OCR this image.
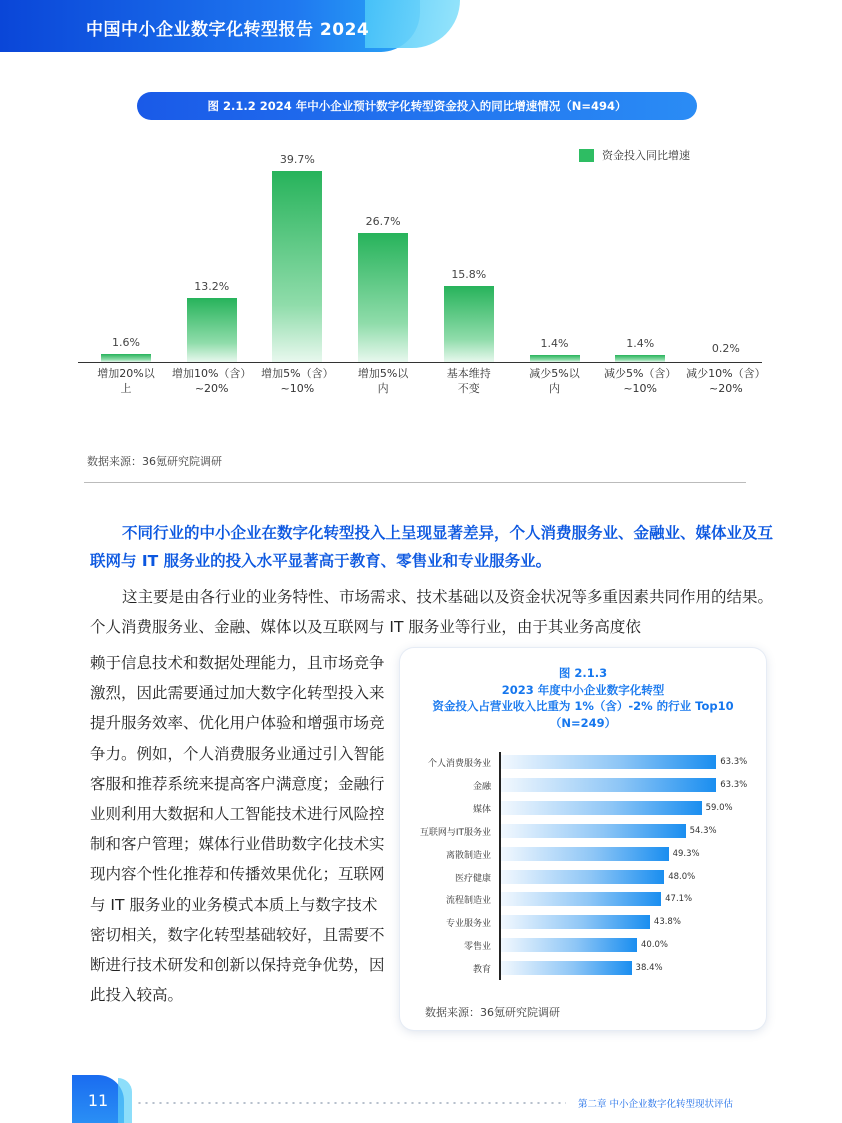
中国中小企业数字化转型报告 2024
图 2.1.2 2024 年中小企业预计数字化转型资金投入的同比增速情况（N=494）
资金投入同比增速
1.6%
增加20%以
上
13.2%
增加10%（含）
~20%
39.7%
增加5%（含）
~10%
26.7%
增加5%以
内
15.8%
基本维持
不变
1.4%
减少5%以
内
1.4%
减少5%（含）
~10%
0.2%
减少10%（含）
~20%
数据来源：36氪研究院调研
不同行业的中小企业在数字化转型投入上呈现显著差异，个人消费服务业、金融业、媒体业及互联网与 IT 服务业的投入水平显著高于教育、零售业和专业服务业。
这主要是由各行业的业务特性、市场需求、技术基础以及资金状况等多重因素共同作用的结果。个人消费服务业、金融、媒体以及互联网与 IT 服务业等行业，由于其业务高度依
赖于信息技术和数据处理能力，且市场竞争激烈，因此需要通过加大数字化转型投入来提升服务效率、优化用户体验和增强市场竞争力。例如，个人消费服务业通过引入智能客服和推荐系统来提高客户满意度；金融行业则利用大数据和人工智能技术进行风险控制和客户管理；媒体行业借助数字化技术实现内容个性化推荐和传播效果优化；互联网与 IT 服务业的业务模式本质上与数字技术密切相关，数字化转型基础较好，且需要不断进行技术研发和创新以保持竞争优势，因此投入较高。
图 2.1.3
2023 年度中小企业数字化转型
资金投入占营业收入比重为 1%（含）-2% 的行业 Top10
（N=249）
个人消费服务业	63.3%
金融	63.3%
媒体	59.0%
互联网与IT服务业	54.3%
离散制造业	49.3%
医疗健康	48.0%
流程制造业	47.1%
专业服务业	43.8%
零售业	40.0%
教育	38.4%
数据来源：36氪研究院调研
11	第二章 中小企业数字化转型现状评估
